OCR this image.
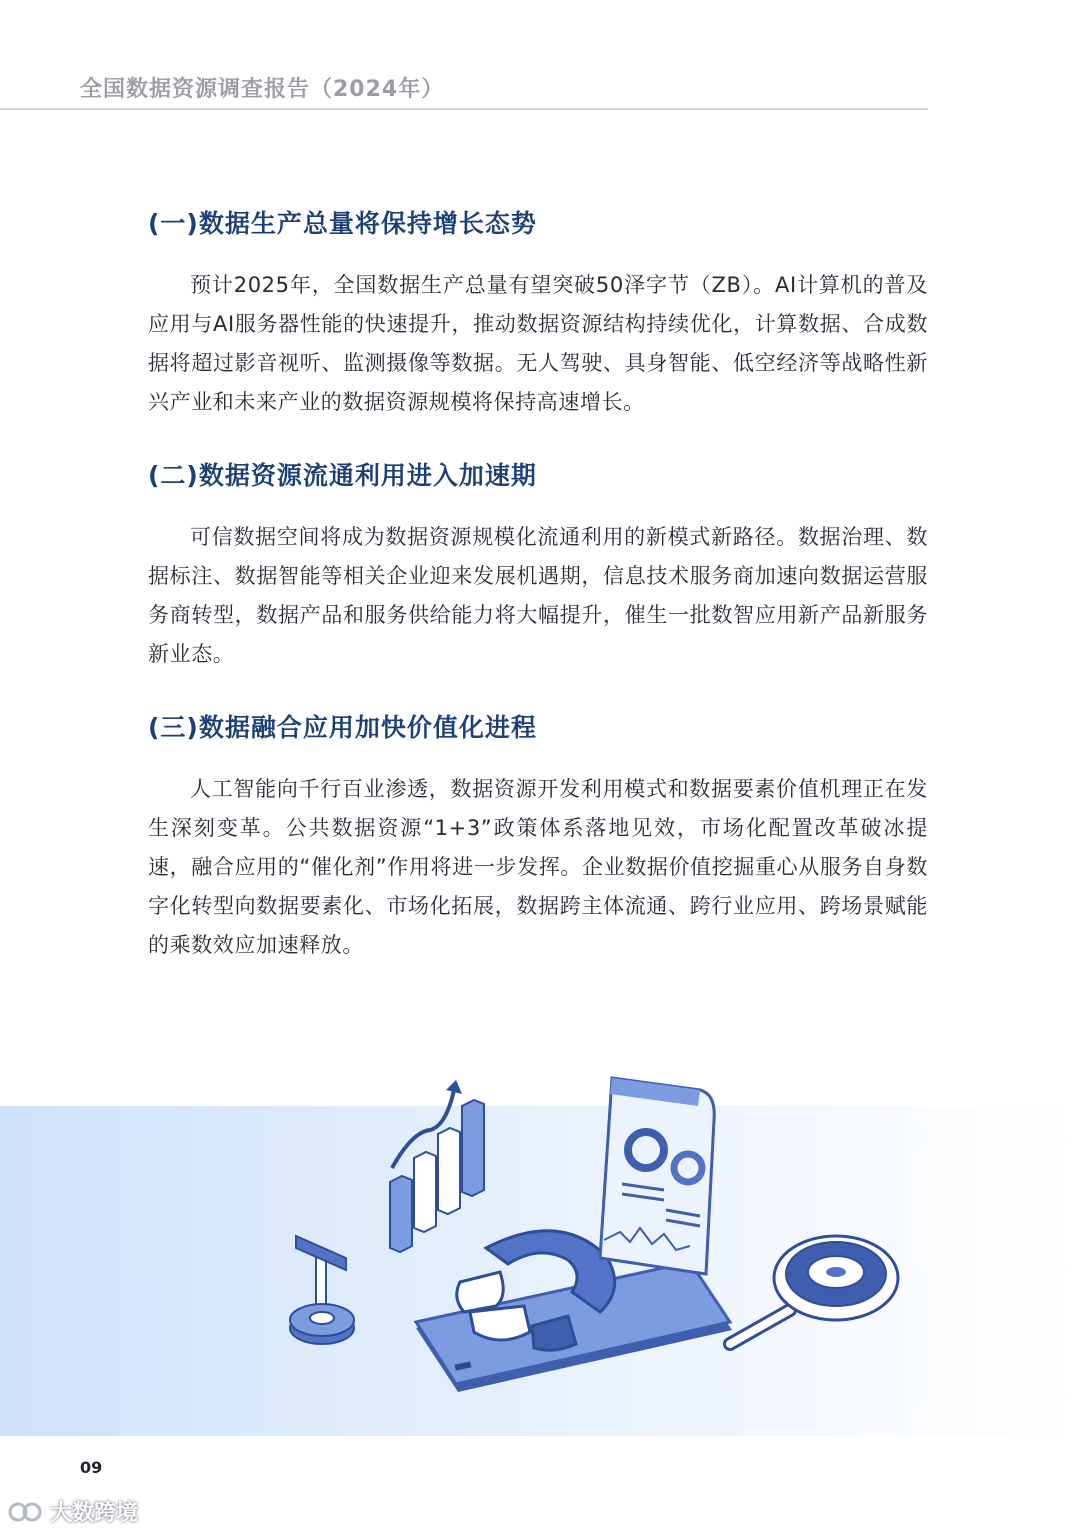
全国数据资源调查报告（2024年）
(一)数据生产总量将保持增长态势

预计2025年，全国数据生产总量有望突破50泽字节（ZB）。AI计算机的普及应用与AI服务器性能的快速提升，推动数据资源结构持续优化，计算数据、合成数据将超过影音视听、监测摄像等数据。无人驾驶、具身智能、低空经济等战略性新兴产业和未来产业的数据资源规模将保持高速增长。

(二)数据资源流通利用进入加速期

可信数据空间将成为数据资源规模化流通利用的新模式新路径。数据治理、数据标注、数据智能等相关企业迎来发展机遇期，信息技术服务商加速向数据运营服务商转型，数据产品和服务供给能力将大幅提升，催生一批数智应用新产品新服务新业态。

(三)数据融合应用加快价值化进程

人工智能向千行百业渗透，数据资源开发利用模式和数据要素价值机理正在发生深刻变革。公共数据资源“1+3”政策体系落地见效，市场化配置改革破冰提速，融合应用的“催化剂”作用将进一步发挥。企业数据价值挖掘重心从服务自身数字化转型向数据要素化、市场化拓展，数据跨主体流通、跨行业应用、跨场景赋能的乘数效应加速释放。

09
大数跨境
